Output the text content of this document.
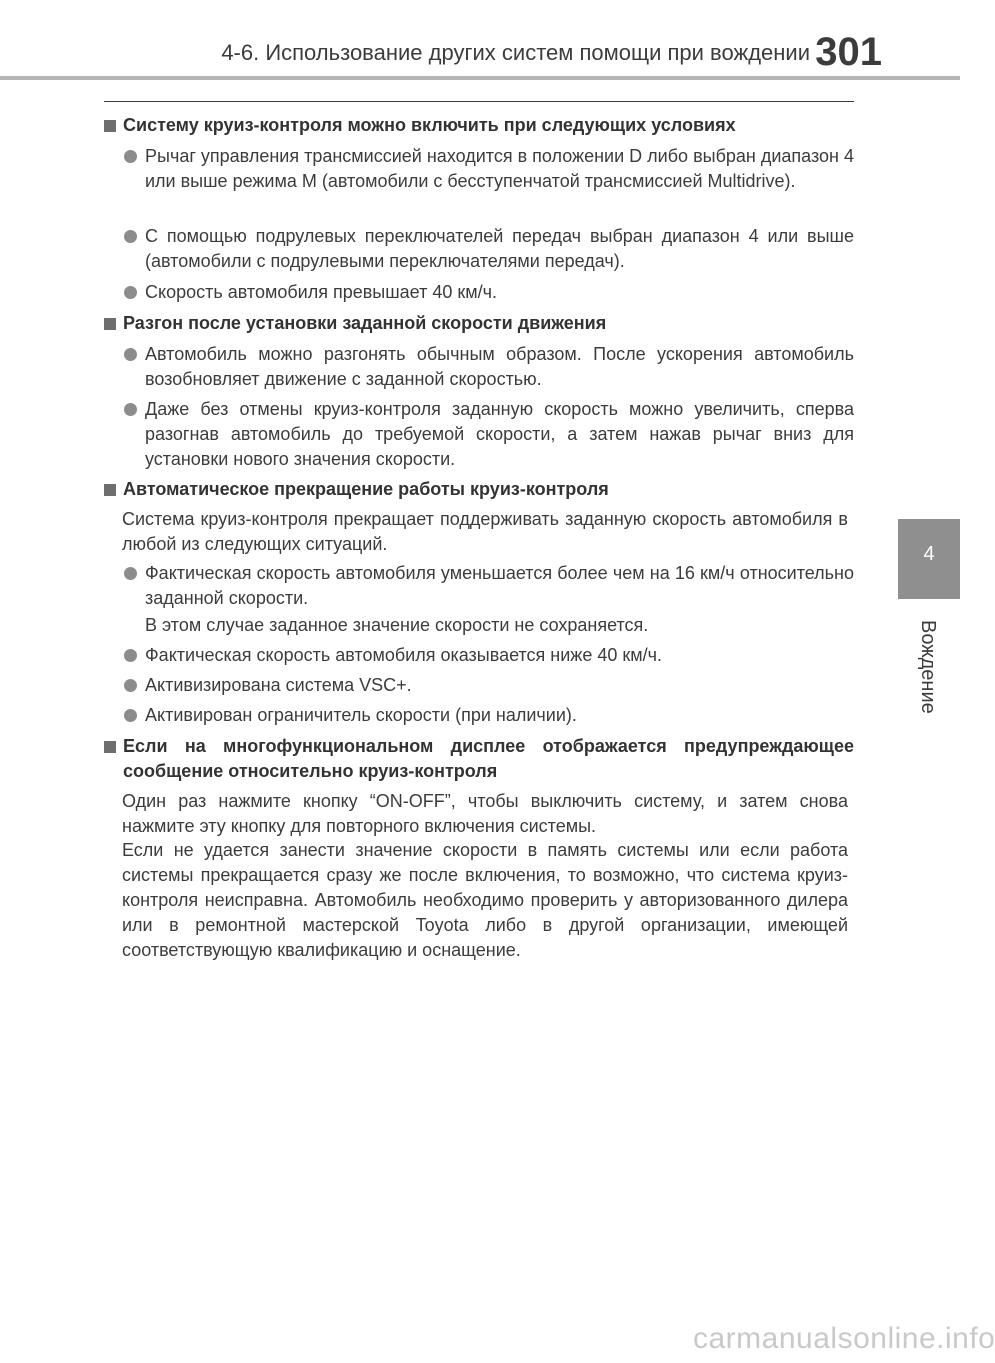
4-6. Использование других систем помощи при вождении 301
Систему круиз-контроля можно включить при следующих условиях
Рычаг управления трансмиссией находится в положении D либо выбран диапазон 4 или выше режима M (автомобили с бесступенчатой трансмиссией Multidrive).
С помощью подрулевых переключателей передач выбран диапазон 4 или выше (автомобили с подрулевыми переключателями передач).
Скорость автомобиля превышает 40 км/ч.
Разгон после установки заданной скорости движения
Автомобиль можно разгонять обычным образом. После ускорения автомобиль возобновляет движение с заданной скоростью.
Даже без отмены круиз-контроля заданную скорость можно увеличить, сперва разогнав автомобиль до требуемой скорости, а затем нажав рычаг вниз для установки нового значения скорости.
Автоматическое прекращение работы круиз-контроля
Система круиз-контроля прекращает поддерживать заданную скорость автомобиля в любой из следующих ситуаций.
Фактическая скорость автомобиля уменьшается более чем на 16 км/ч относительно заданной скорости.
В этом случае заданное значение скорости не сохраняется.
Фактическая скорость автомобиля оказывается ниже 40 км/ч.
Активизирована система VSC+.
Активирован ограничитель скорости (при наличии).
Если на многофункциональном дисплее отображается предупреждающее сообщение относительно круиз-контроля
Один раз нажмите кнопку “ON-OFF”, чтобы выключить систему, и затем снова нажмите эту кнопку для повторного включения системы.
Если не удается занести значение скорости в память системы или если работа системы прекращается сразу же после включения, то возможно, что система круиз-контроля неисправна. Автомобиль необходимо проверить у авторизованного дилера или в ремонтной мастерской Toyota либо в другой организации, имеющей соответствующую квалификацию и оснащение.
4
Вождение
carmanualsonline.info
